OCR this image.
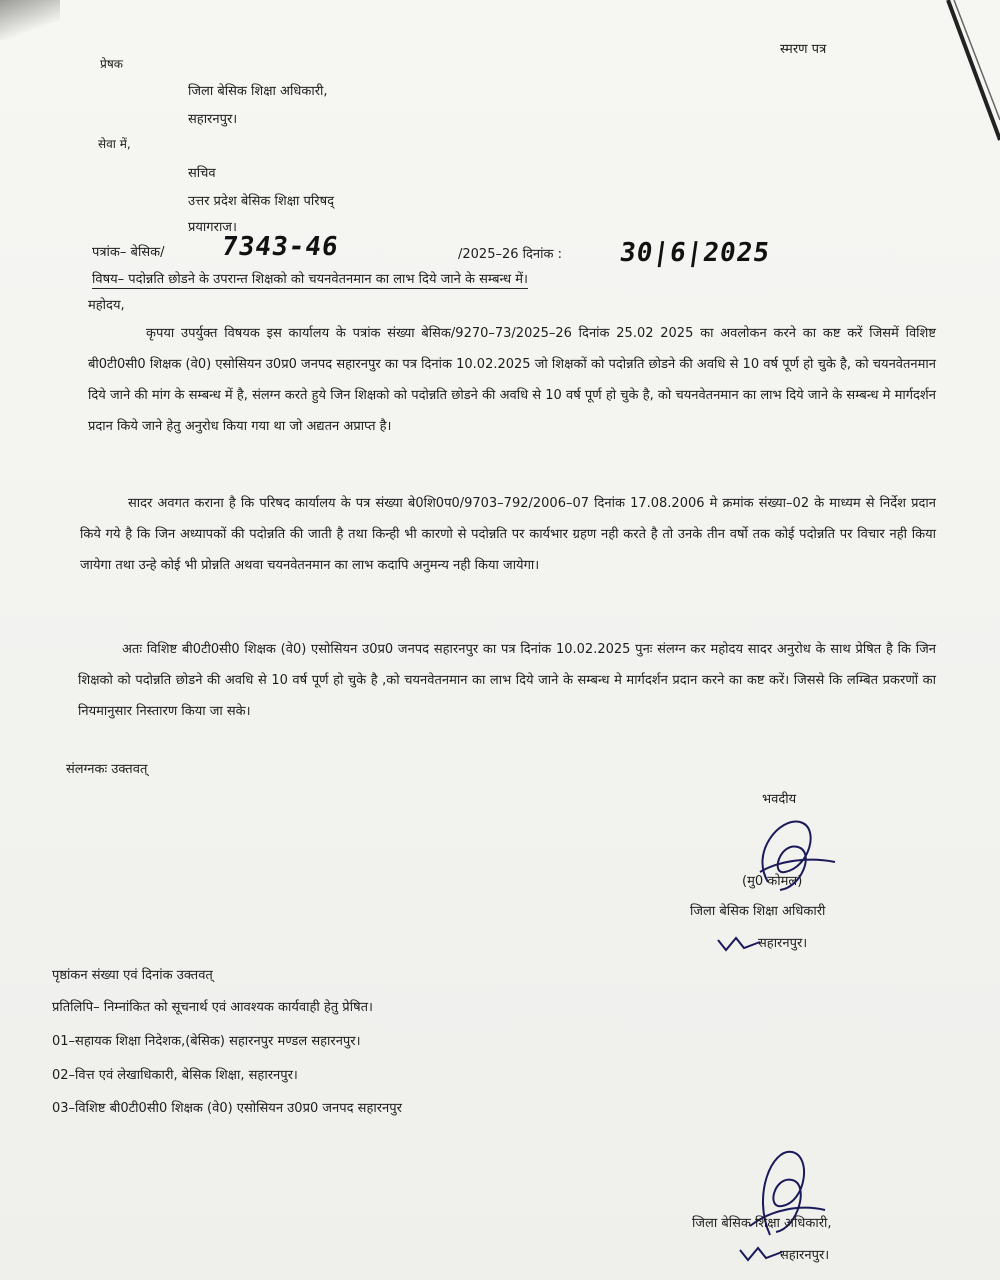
स्मरण पत्र
प्रेषक
जिला बेसिक शिक्षा अधिकारी,
सहारनपुर।
सेवा में,
सचिव
उत्तर प्रदेश बेसिक शिक्षा परिषद्
प्रयागराज।
पत्रांक– बेसिक/ 7343-46	/2025–26 दिनांक : 30|6|2025
विषय– पदोन्नति छोडने के उपरान्त शिक्षको को चयनवेतनमान का लाभ दिये जाने के सम्बन्ध में।
महोदय,
कृपया उपर्युक्त विषयक इस कार्यालय के पत्रांक संख्या बेसिक/9270–73/2025–26 दिनांक 25.02 2025 का अवलोकन करने का कष्ट करें जिसमें विशिष्ट बी0टी0सी0 शिक्षक (वे0) एसोसियन उ0प्र0 जनपद सहारनपुर का पत्र दिनांक 10.02.2025 जो शिक्षकों को पदोन्नति छोडने की अवधि से 10 वर्ष पूर्ण हो चुके है, को चयनवेतनमान दिये जाने की मांग के सम्बन्ध में है, संलग्न करते हुये जिन शिक्षको को पदोन्नति छोडने की अवधि से 10 वर्ष पूर्ण हो चुके है, को चयनवेतनमान का लाभ दिये जाने के सम्बन्ध मे मार्गदर्शन प्रदान किये जाने हेतु अनुरोध किया गया था जो अद्यतन अप्राप्त है।
सादर अवगत कराना है कि परिषद कार्यालय के पत्र संख्या बे0शि0प0/9703–792/2006–07 दिनांक 17.08.2006 मे क्रमांक संख्या–02 के माध्यम से निर्देश प्रदान किये गये है कि जिन अध्यापकों की पदोन्नति की जाती है तथा किन्ही भी कारणो से पदोन्नति पर कार्यभार ग्रहण नही करते है तो उनके तीन वर्षो तक कोई पदोन्नति पर विचार नही किया जायेगा तथा उन्हे कोई भी प्रोन्नति अथवा चयनवेतनमान का लाभ कदापि अनुमन्य नही किया जायेगा।
अतः विशिष्ट बी0टी0सी0 शिक्षक (वे0) एसोसियन उ0प्र0 जनपद सहारनपुर का पत्र दिनांक 10.02.2025 पुनः संलग्न कर महोदय सादर अनुरोध के साथ प्रेषित है कि जिन शिक्षको को पदोन्नति छोडने की अवधि से 10 वर्ष पूर्ण हो चुके है ,को चयनवेतनमान का लाभ दिये जाने के सम्बन्ध मे मार्गदर्शन प्रदान करने का कष्ट करें। जिससे कि लम्बित प्रकरणों का नियमानुसार निस्तारण किया जा सके।
संलग्नकः उक्तवत्
भवदीय
(मु0 कोमल)
जिला बेसिक शिक्षा अधिकारी
सहारनपुर।
पृष्ठांकन संख्या एवं दिनांक उक्तवत्
प्रतिलिपि– निम्नांकित को सूचनार्थ एवं आवश्यक कार्यवाही हेतु प्रेषित।
01–सहायक शिक्षा निदेशक,(बेसिक) सहारनपुर मण्डल सहारनपुर।
02–वित्त एवं लेखाधिकारी, बेसिक शिक्षा, सहारनपुर।
03–विशिष्ट बी0टी0सी0 शिक्षक (वे0) एसोसियन उ0प्र0 जनपद सहारनपुर
जिला बेसिक शिक्षा अधिकारी,
सहारनपुर।
